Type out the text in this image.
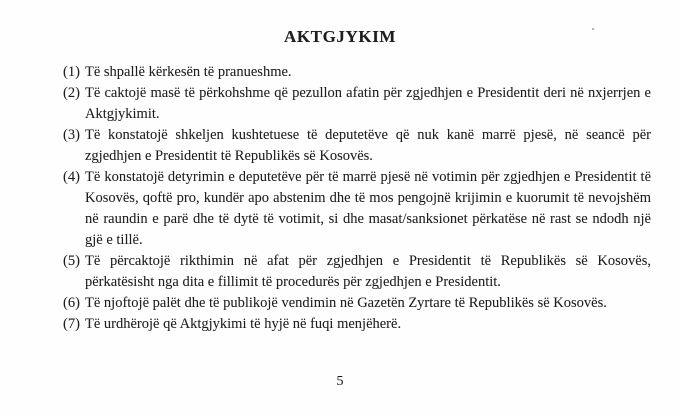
AKTGJYKIM
(1) Të shpallë kërkesën të pranueshme.
(2) Të caktojë masë të përkohshme që pezullon afatin për zgjedhjen e Presidentit deri në nxjerrjen e Aktgjykimit.
(3) Të konstatojë shkeljen kushtetuese të deputetëve që nuk kanë marrë pjesë, në seancë për zgjedhjen e Presidentit të Republikës së Kosovës.
(4) Të konstatojë detyrimin e deputetëve për të marrë pjesë në votimin për zgjedhjen e Presidentit të Kosovës, qoftë pro, kundër apo abstenim dhe të mos pengojnë krijimin e kuorumit të nevojshëm në raundin e parë dhe të dytë të votimit, si dhe masat/sanksionet përkatëse në rast se ndodh një gjë e tillë.
(5) Të përcaktojë rikthimin në afat për zgjedhjen e Presidentit të Republikës së Kosovës, përkatësisht nga dita e fillimit të procedurës për zgjedhjen e Presidentit.
(6) Të njoftojë palët dhe të publikojë vendimin në Gazetën Zyrtare të Republikës së Kosovës.
(7) Të urdhërojë që Aktgjykimi të hyjë në fuqi menjëherë.
5
